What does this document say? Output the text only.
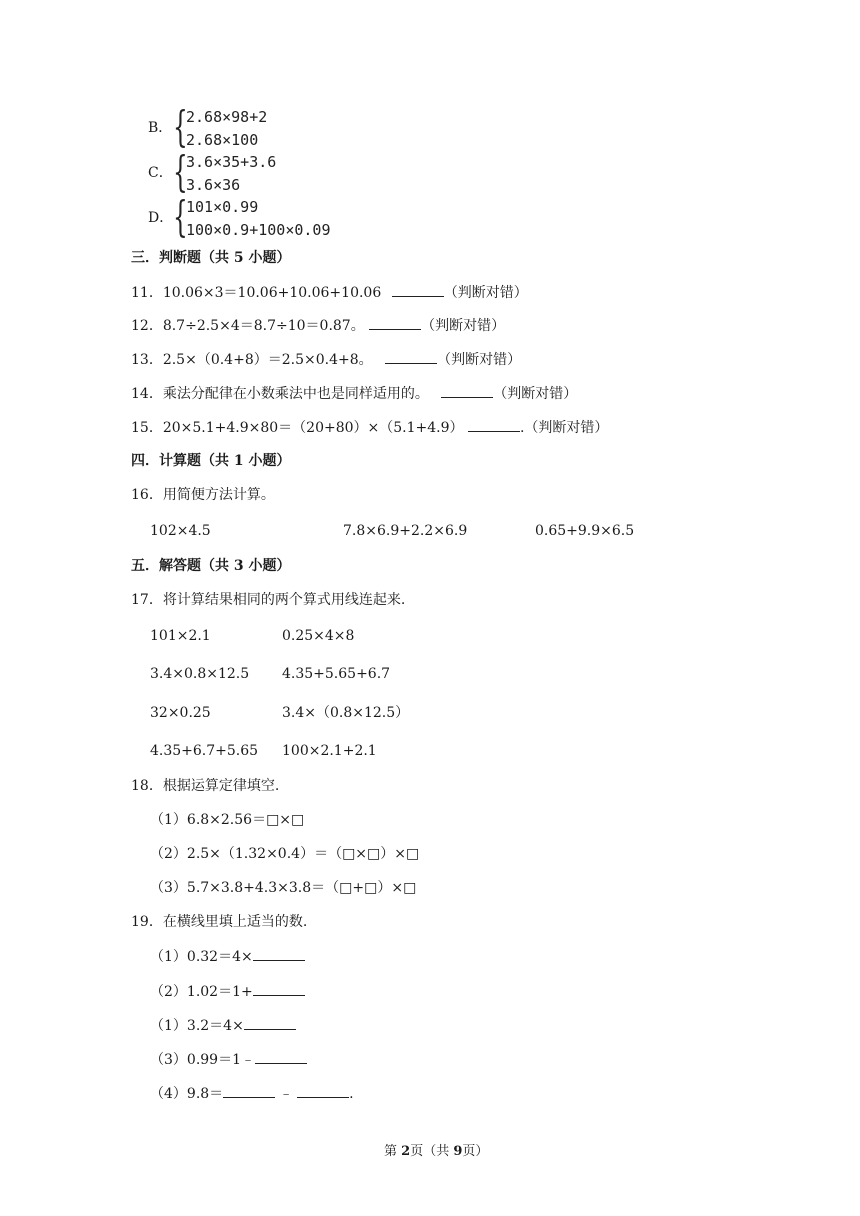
B． {
2.68×98+2
2.68×100
C． {
3.6×35+3.6
3.6×36
D． {
101×0.99
100×0.9+100×0.09
三．判断题（共 5 小题）
11．10.06×3＝10.06+10.06+10.06	（判断对错）
12．8.7÷2.5×4＝8.7÷10＝0.87。	（判断对错）
13．2.5×（0.4+8）＝2.5×0.4+8。	（判断对错）
14．乘法分配律在小数乘法中也是同样适用的。	（判断对错）
15．20×5.1+4.9×80＝（20+80）×（5.1+4.9）	.（判断对错）
四．计算题（共 1 小题）
16．用简便方法计算。
102×4.5	7.8×6.9+2.2×6.9	0.65+9.9×6.5
五．解答题（共 3 小题）
17．将计算结果相同的两个算式用线连起来.
101×2.1	0.25×4×8
3.4×0.8×12.5 4.35+5.65+6.7
32×0.25	3.4×（0.8×12.5）
4.35+6.7+5.65 100×2.1+2.1
18．根据运算定律填空.
（1）6.8×2.56＝□×□
（2）2.5×（1.32×0.4）＝（□×□）×□
（3）5.7×3.8+4.3×3.8＝（□+□）×□
19．在横线里填上适当的数.
（1）0.32＝4×
（2）1.02＝1+
（1）3.2＝4×
（3）0.99＝1﹣
（4）9.8＝	﹣	.
第 2页（共 9页）
